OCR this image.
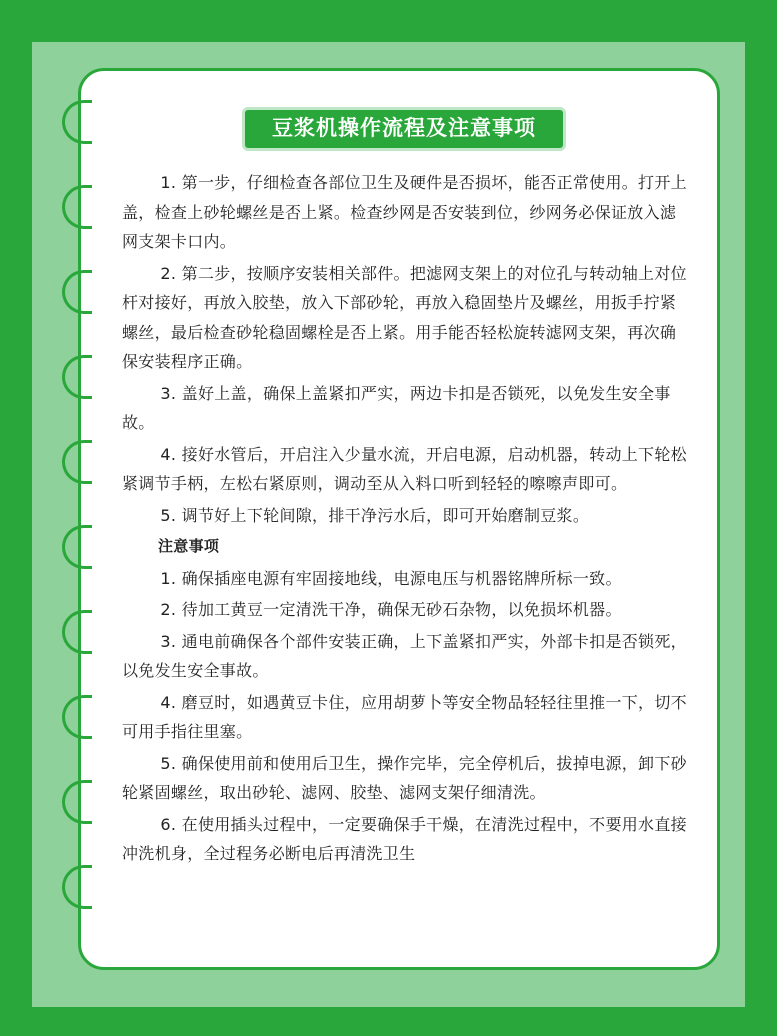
豆浆机操作流程及注意事项

1. 第一步，仔细检查各部位卫生及硬件是否损坏，能否正常使用。打开上盖，检查上砂轮螺丝是否上紧。检查纱网是否安装到位，纱网务必保证放入滤网支架卡口内。

2. 第二步，按顺序安装相关部件。把滤网支架上的对位孔与转动轴上对位杆对接好，再放入胶垫，放入下部砂轮，再放入稳固垫片及螺丝，用扳手拧紧螺丝，最后检查砂轮稳固螺栓是否上紧。用手能否轻松旋转滤网支架，再次确保安装程序正确。

3. 盖好上盖，确保上盖紧扣严实，两边卡扣是否锁死，以免发生安全事故。

4. 接好水管后，开启注入少量水流，开启电源，启动机器，转动上下轮松紧调节手柄，左松右紧原则，调动至从入料口听到轻轻的嚓嚓声即可。

5. 调节好上下轮间隙，排干净污水后，即可开始磨制豆浆。

注意事项

1. 确保插座电源有牢固接地线，电源电压与机器铭牌所标一致。

2. 待加工黄豆一定清洗干净，确保无砂石杂物，以免损坏机器。

3. 通电前确保各个部件安装正确，上下盖紧扣严实，外部卡扣是否锁死，以免发生安全事故。

4. 磨豆时，如遇黄豆卡住，应用胡萝卜等安全物品轻轻往里推一下，切不可用手指往里塞。

5. 确保使用前和使用后卫生，操作完毕，完全停机后，拔掉电源，卸下砂轮紧固螺丝，取出砂轮、滤网、胶垫、滤网支架仔细清洗。

6. 在使用插头过程中，一定要确保手干燥，在清洗过程中，不要用水直接冲洗机身，全过程务必断电后再清洗卫生
